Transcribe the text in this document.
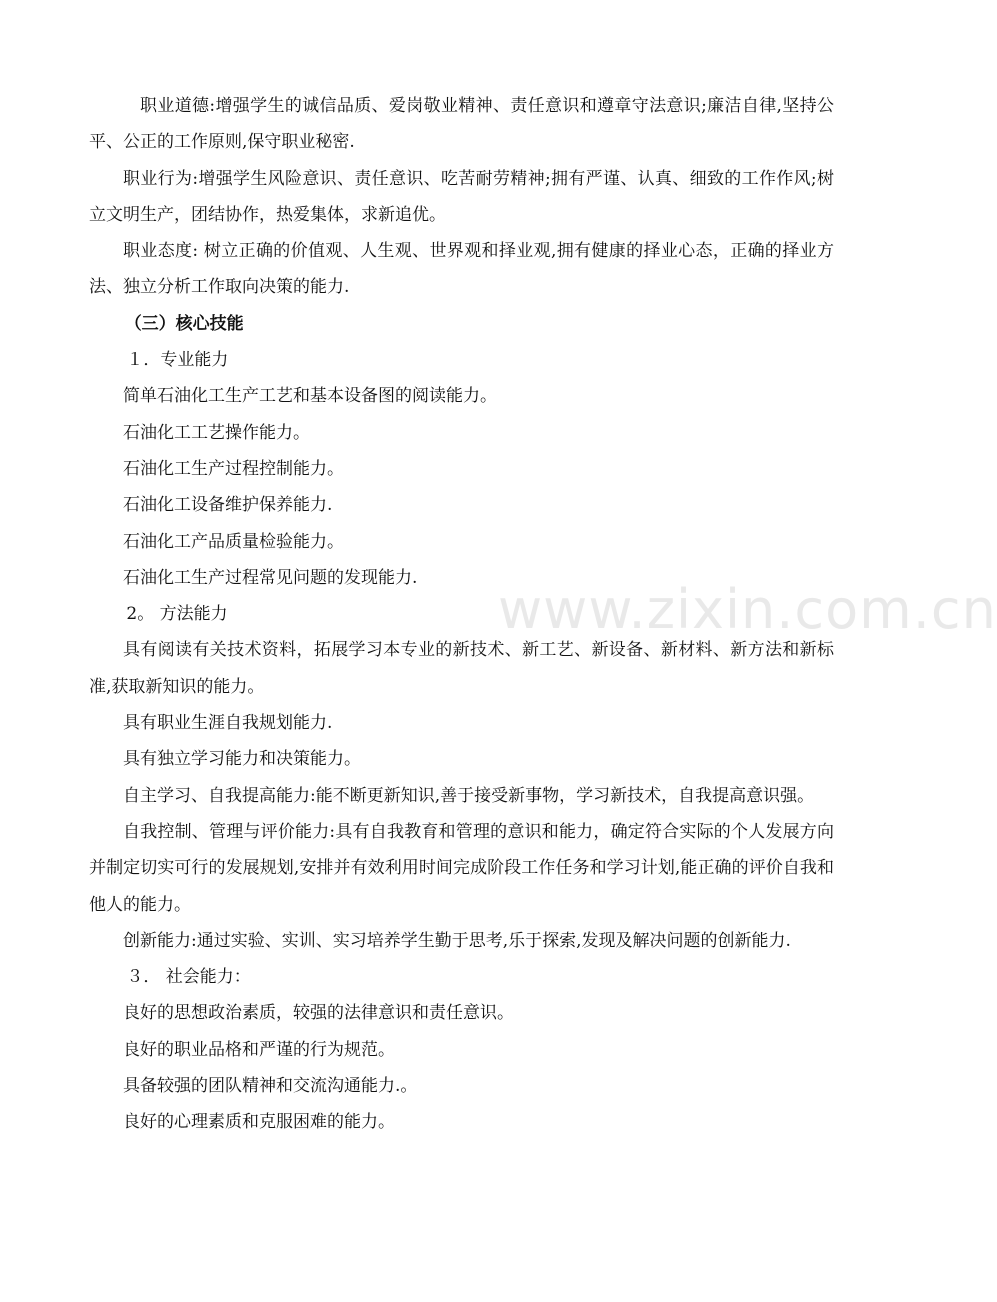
www.zixin.com.cn

职业道德:增强学生的诚信品质、爱岗敬业精神、责任意识和遵章守法意识;廉洁自律,坚持公平、公正的工作原则,保守职业秘密.

职业行为:增强学生风险意识、责任意识、吃苦耐劳精神;拥有严谨、认真、细致的工作作风;树立文明生产，团结协作，热爱集体，求新追优。

职业态度: 树立正确的价值观、人生观、世界观和择业观,拥有健康的择业心态，正确的择业方法、独立分析工作取向决策的能力.

（三）核心技能

１．专业能力

简单石油化工生产工艺和基本设备图的阅读能力。

石油化工工艺操作能力。

石油化工生产过程控制能力。

石油化工设备维护保养能力.

石油化工产品质量检验能力。

石油化工生产过程常见问题的发现能力.

2。 方法能力

具有阅读有关技术资料，拓展学习本专业的新技术、新工艺、新设备、新材料、新方法和新标准,获取新知识的能力。

具有职业生涯自我规划能力.

具有独立学习能力和决策能力。

自主学习、自我提高能力:能不断更新知识,善于接受新事物，学习新技术，自我提高意识强。

自我控制、管理与评价能力:具有自我教育和管理的意识和能力，确定符合实际的个人发展方向并制定切实可行的发展规划,安排并有效利用时间完成阶段工作任务和学习计划,能正确的评价自我和他人的能力。

创新能力:通过实验、实训、实习培养学生勤于思考,乐于探索,发现及解决问题的创新能力.

３． 社会能力：

良好的思想政治素质，较强的法律意识和责任意识。

良好的职业品格和严谨的行为规范。

具备较强的团队精神和交流沟通能力.。

良好的心理素质和克服困难的能力。
